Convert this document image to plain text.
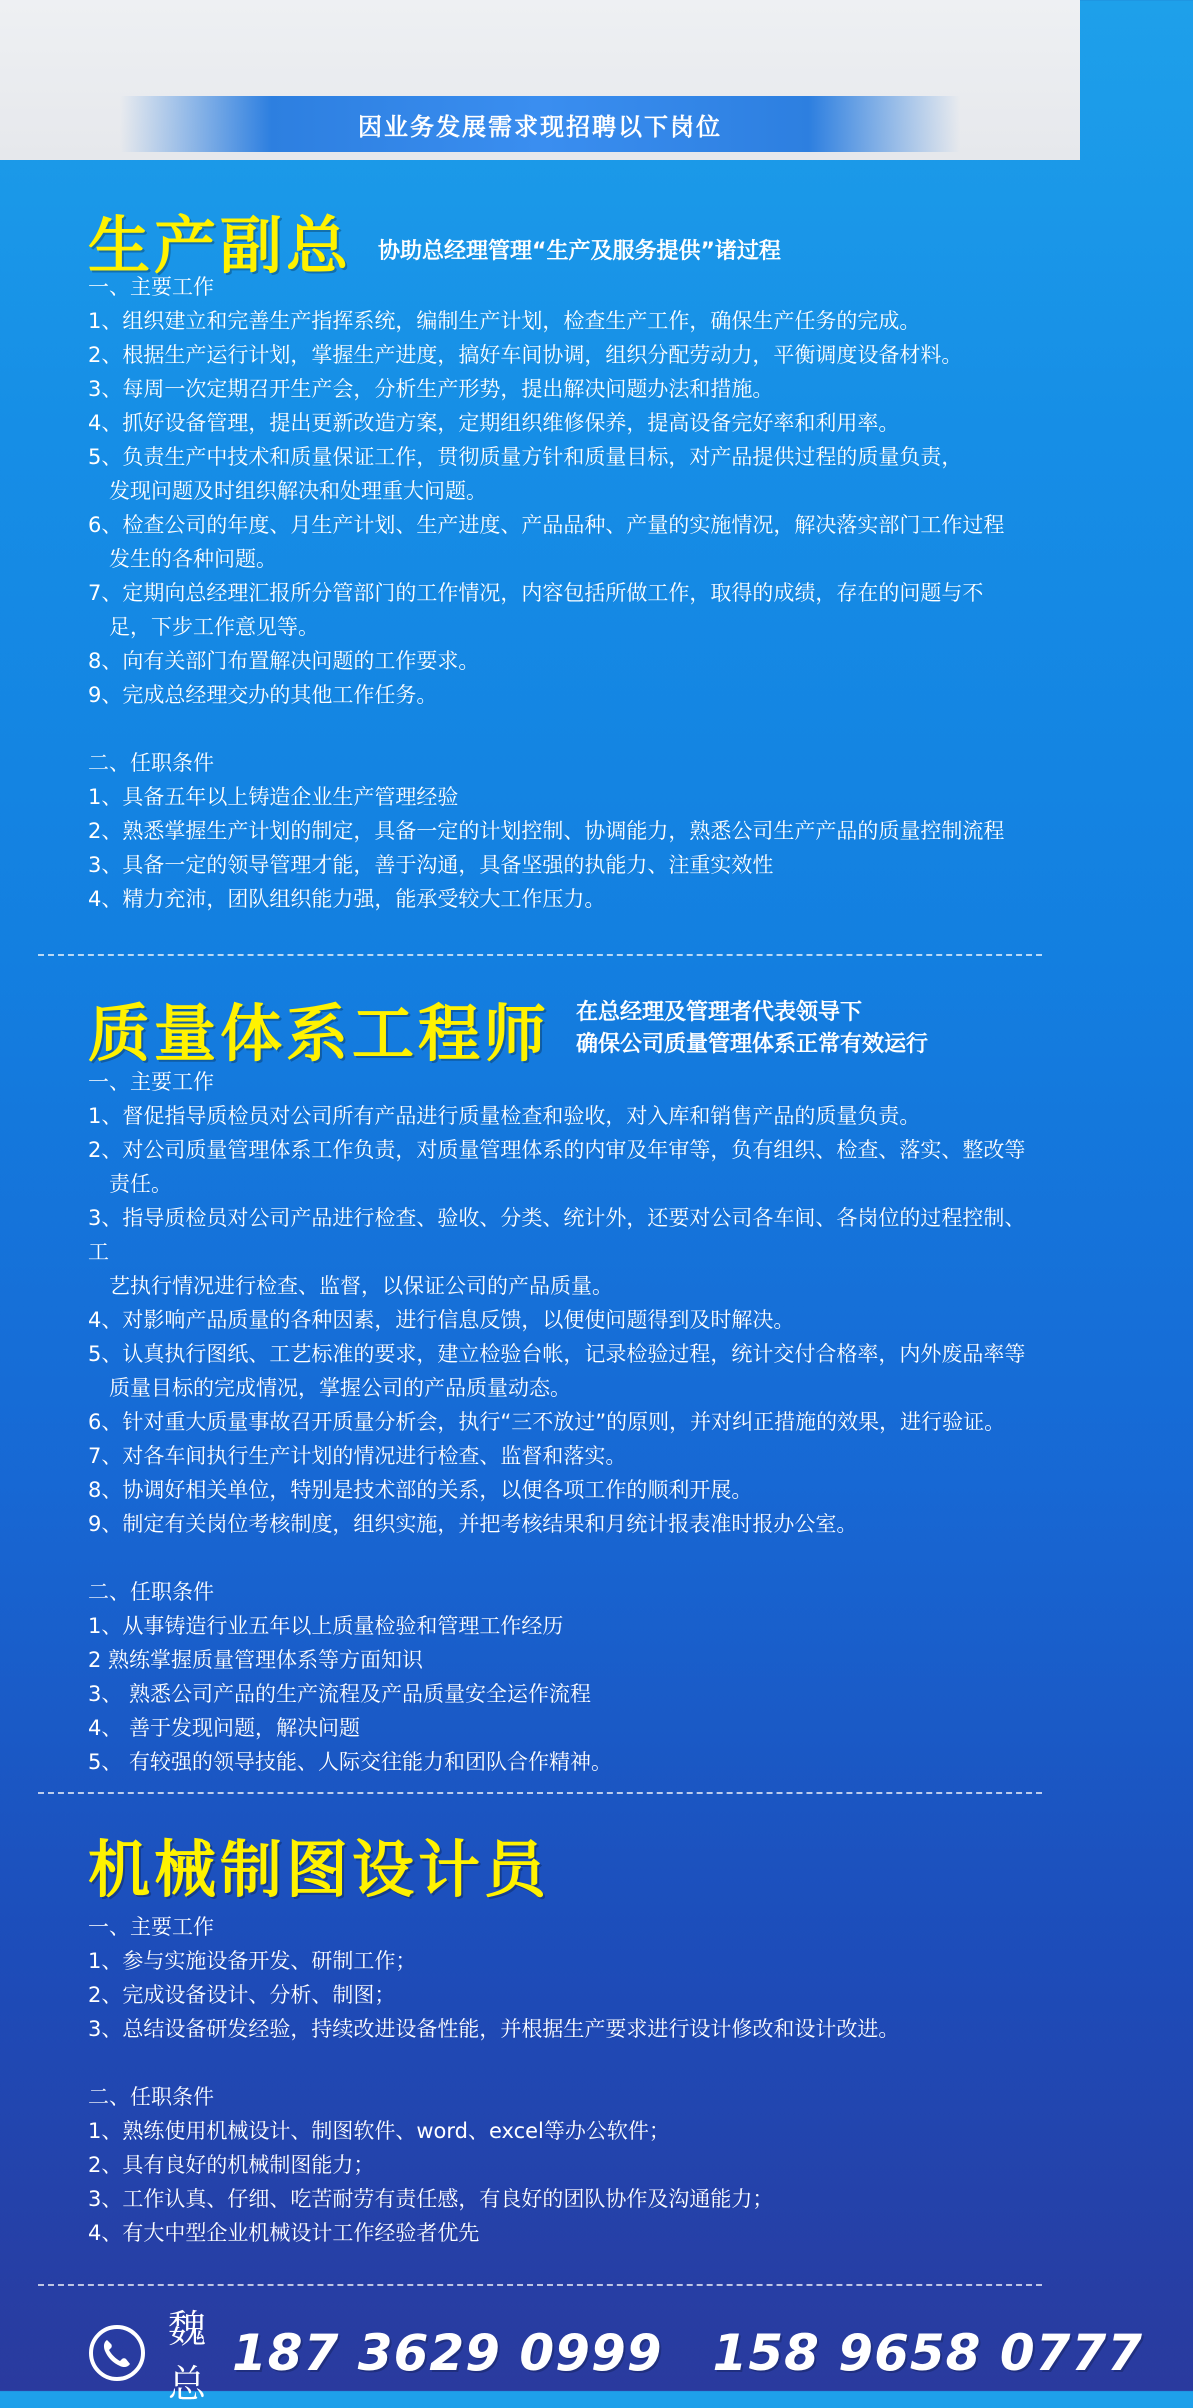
因业务发展需求现招聘以下岗位
生产副总 协助总经理管理“生产及服务提供”诸过程
一、主要工作
1、组织建立和完善生产指挥系统，编制生产计划，检查生产工作，确保生产任务的完成。
2、根据生产运行计划，掌握生产进度，搞好车间协调，组织分配劳动力，平衡调度设备材料。
3、每周一次定期召开生产会，分析生产形势，提出解决问题办法和措施。
4、抓好设备管理，提出更新改造方案，定期组织维修保养，提高设备完好率和利用率。
5、负责生产中技术和质量保证工作，贯彻质量方针和质量目标，对产品提供过程的质量负责，
　发现问题及时组织解决和处理重大问题。
6、检查公司的年度、月生产计划、生产进度、产品品种、产量的实施情况，解决落实部门工作过程
　发生的各种问题。
7、定期向总经理汇报所分管部门的工作情况，内容包括所做工作，取得的成绩，存在的问题与不
　足，下步工作意见等。
8、向有关部门布置解决问题的工作要求。
9、完成总经理交办的其他工作任务。
二、任职条件
1、具备五年以上铸造企业生产管理经验
2、熟悉掌握生产计划的制定，具备一定的计划控制、协调能力，熟悉公司生产产品的质量控制流程
3、具备一定的领导管理才能，善于沟通，具备坚强的执能力、注重实效性
4、精力充沛，团队组织能力强，能承受较大工作压力。
质量体系工程师 在总经理及管理者代表领导下
确保公司质量管理体系正常有效运行
一、主要工作
1、督促指导质检员对公司所有产品进行质量检查和验收，对入库和销售产品的质量负责。
2、对公司质量管理体系工作负责，对质量管理体系的内审及年审等，负有组织、检查、落实、整改等
　责任。
3、指导质检员对公司产品进行检查、验收、分类、统计外，还要对公司各车间、各岗位的过程控制、工
　艺执行情况进行检查、监督，以保证公司的产品质量。
4、对影响产品质量的各种因素，进行信息反馈，以便使问题得到及时解决。
5、认真执行图纸、工艺标准的要求，建立检验台帐，记录检验过程，统计交付合格率，内外废品率等
　质量目标的完成情况，掌握公司的产品质量动态。
6、针对重大质量事故召开质量分析会，执行“三不放过”的原则，并对纠正措施的效果，进行验证。
7、对各车间执行生产计划的情况进行检查、监督和落实。
8、协调好相关单位，特别是技术部的关系，以便各项工作的顺利开展。
9、制定有关岗位考核制度，组织实施，并把考核结果和月统计报表准时报办公室。
二、任职条件
1、从事铸造行业五年以上质量检验和管理工作经历
2 熟练掌握质量管理体系等方面知识
3、 熟悉公司产品的生产流程及产品质量安全运作流程
4、 善于发现问题，解决问题
5、 有较强的领导技能、人际交往能力和团队合作精神。
机械制图设计员
一、主要工作
1、参与实施设备开发、研制工作；
2、完成设备设计、分析、制图；
3、总结设备研发经验，持续改进设备性能，并根据生产要求进行设计修改和设计改进。
二、任职条件
1、熟练使用机械设计、制图软件、word、excel等办公软件；
2、具有良好的机械制图能力；
3、工作认真、仔细、吃苦耐劳有责任感，有良好的团队协作及沟通能力；
4、有大中型企业机械设计工作经验者优先
魏总
187 3629 0999 158 9658 0777
